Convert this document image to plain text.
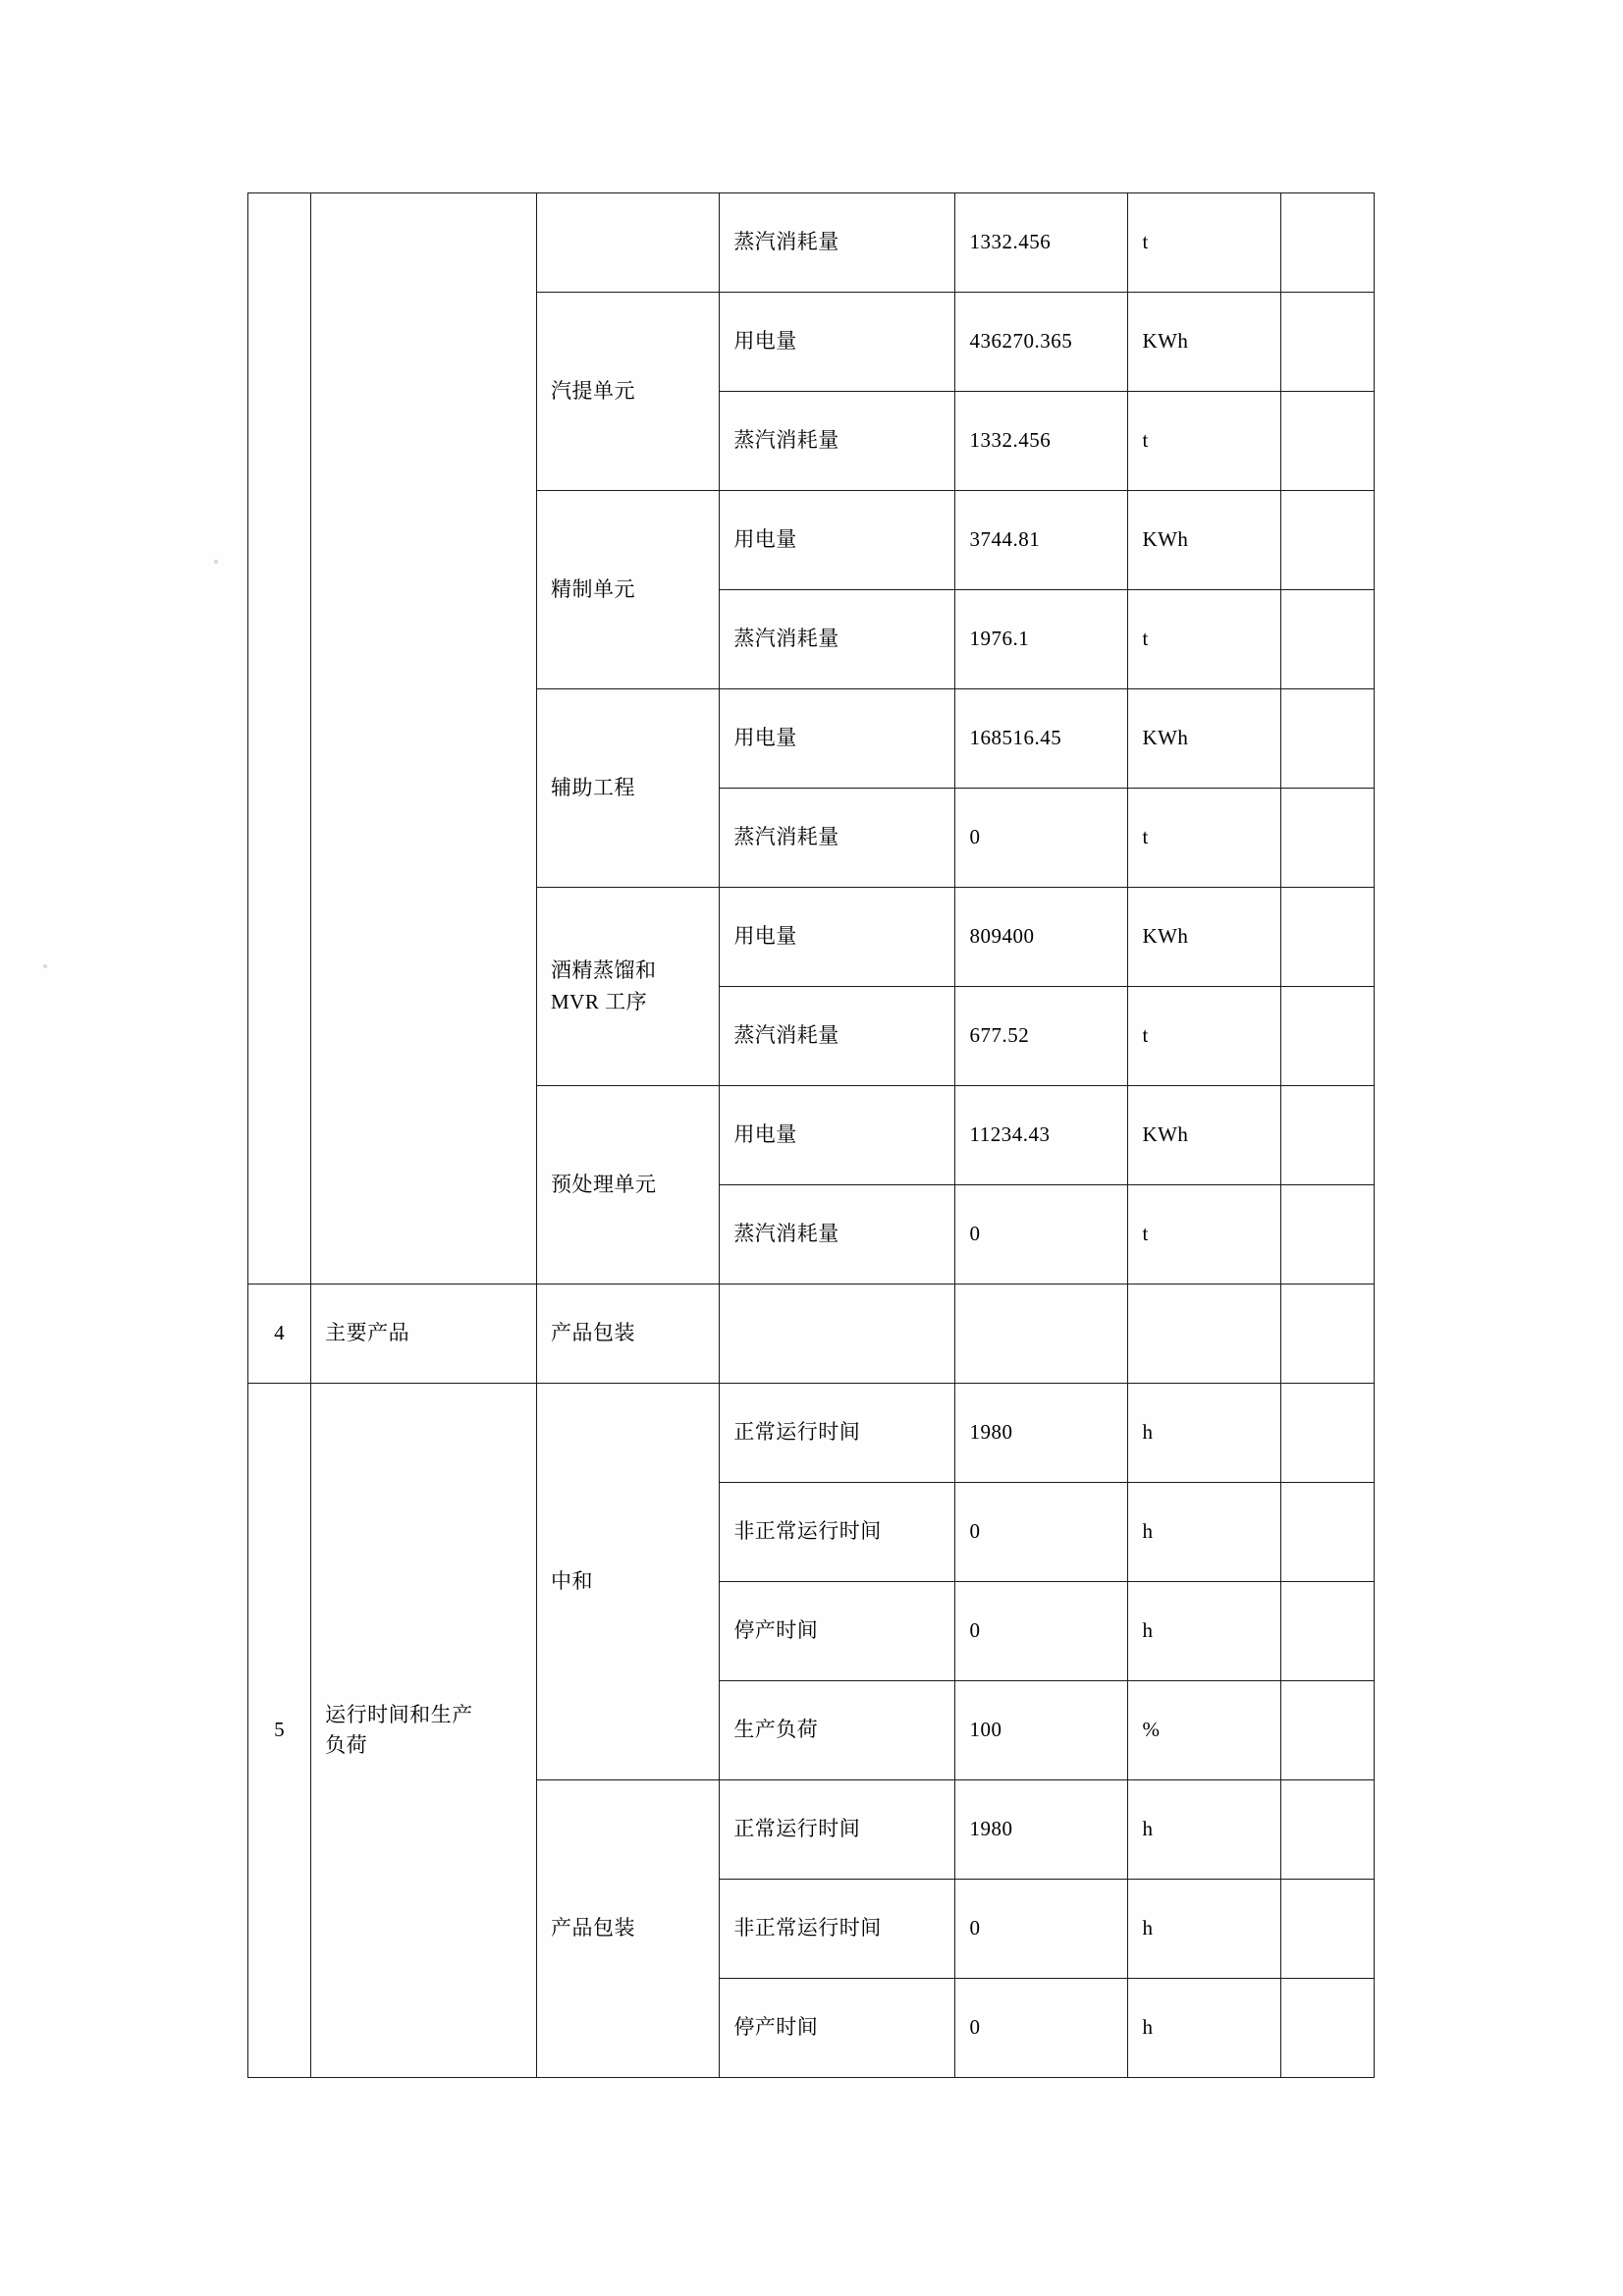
			蒸汽消耗量	1332.456	t	
		汽提单元	用电量	436270.365	KWh	
			蒸汽消耗量	1332.456	t	
		精制单元	用电量	3744.81	KWh	
			蒸汽消耗量	1976.1	t	
		辅助工程	用电量	168516.45	KWh	
			蒸汽消耗量	0	t	
		酒精蒸馏和
MVR 工序	用电量	809400	KWh	
			蒸汽消耗量	677.52	t	
		预处理单元	用电量	11234.43	KWh	
			蒸汽消耗量	0	t	
4	主要产品	产品包装				
5	运行时间和生产
负荷	中和	正常运行时间	1980	h	
			非正常运行时间	0	h	
			停产时间	0	h	
			生产负荷	100	%	
		产品包装	正常运行时间	1980	h	
			非正常运行时间	0	h	
			停产时间	0	h	
